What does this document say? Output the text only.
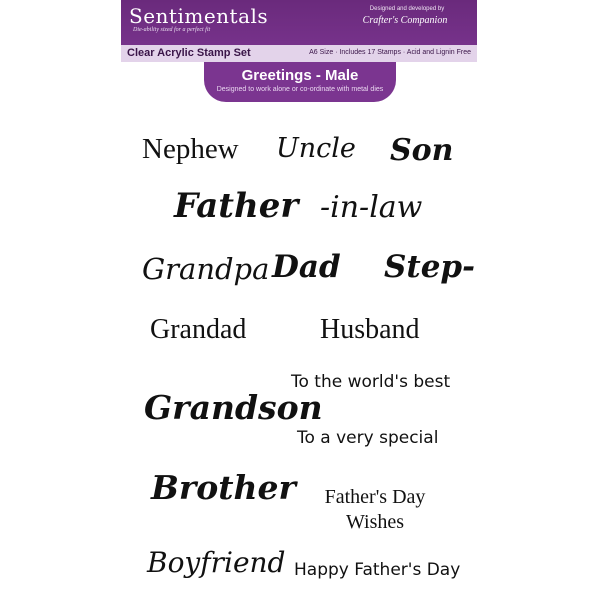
Sentimentals
Die-ability sized for a perfect fit
Designed and developed by
Crafter's Companion
Clear Acrylic Stamp Set	A6 Size · Includes 17 Stamps · Acid and Lignin Free
Greetings - Male
Designed to work alone or co-ordinate with metal dies
Nephew Uncle Son
Father -in-law
Grandpa Dad Step-
Grandad	Husband
To the world's best
Grandson
To a very special
Brother	Father's Day
Wishes
Boyfriend Happy Father's Day
